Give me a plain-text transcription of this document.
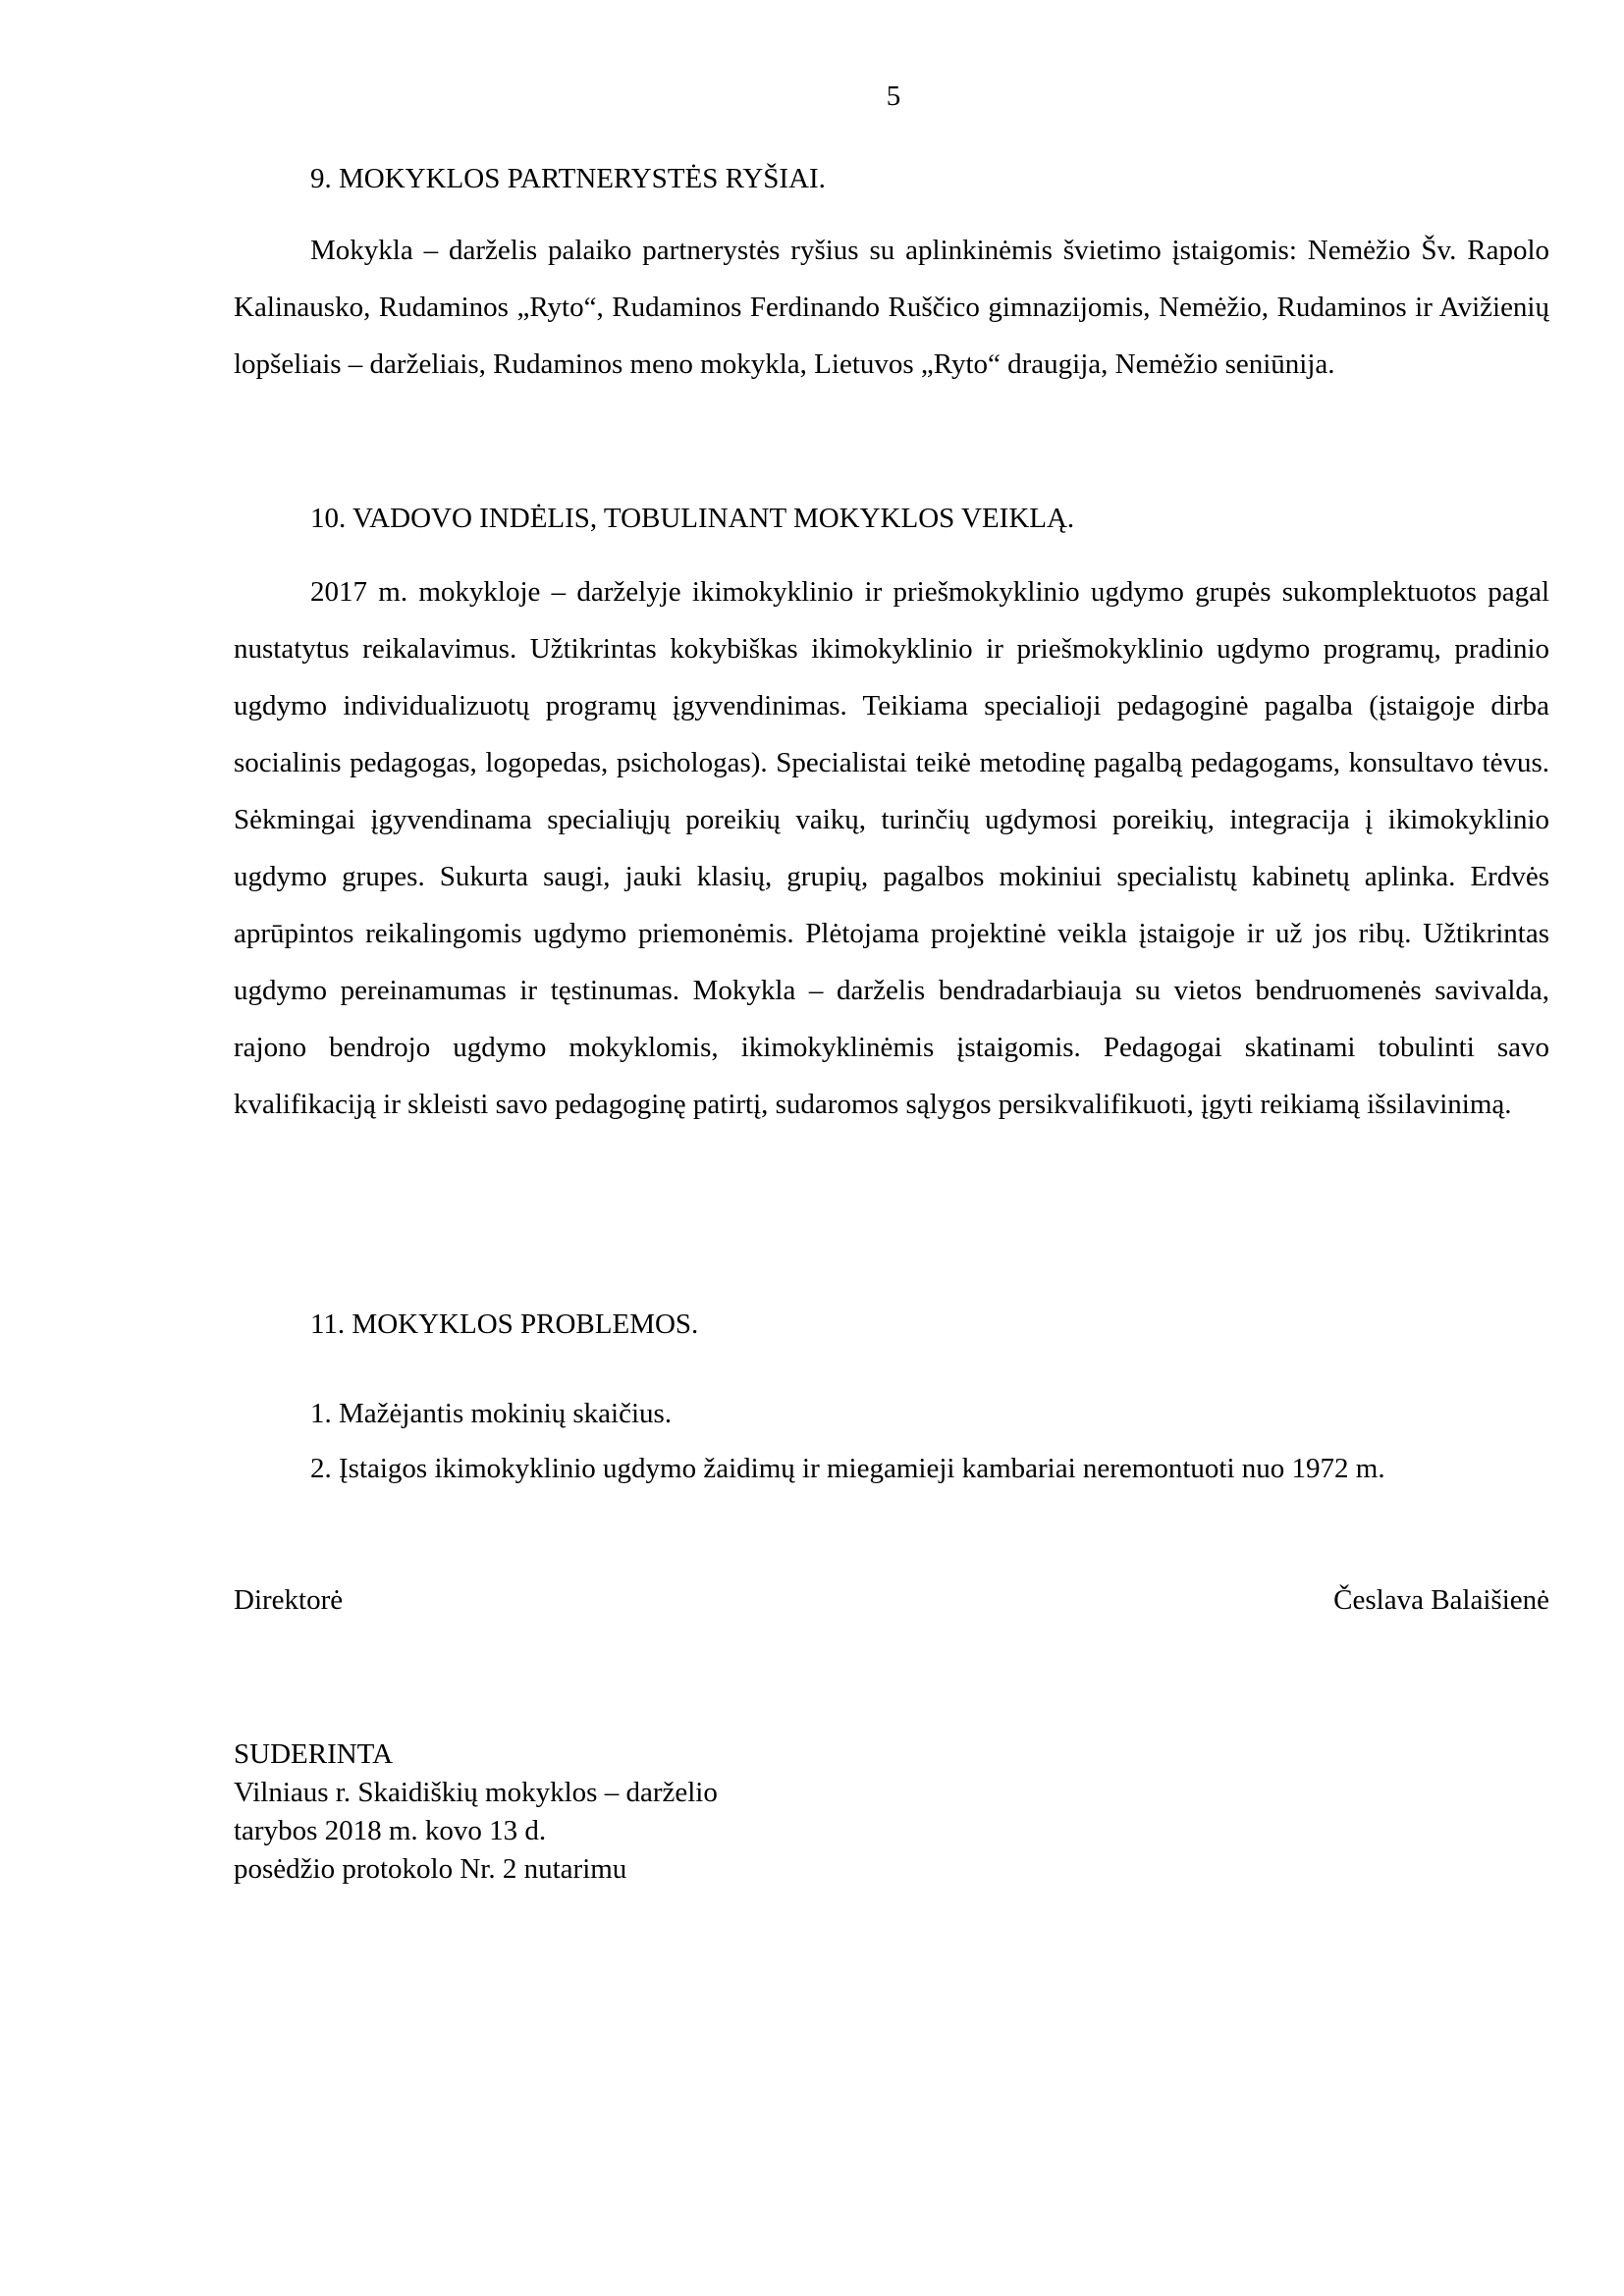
5
9. MOKYKLOS PARTNERYSTĖS RYŠIAI.

Mokykla – darželis palaiko partnerystės ryšius su aplinkinėmis švietimo įstaigomis: Nemėžio Šv. Rapolo Kalinausko, Rudaminos „Ryto“, Rudaminos Ferdinando Ruščico gimnazijomis, Nemėžio, Rudaminos ir Avižienių lopšeliais – darželiais, Rudaminos meno mokykla, Lietuvos „Ryto“ draugija, Nemėžio seniūnija.

10. VADOVO INDĖLIS, TOBULINANT MOKYKLOS VEIKLĄ.

2017 m. mokykloje – darželyje ikimokyklinio ir priešmokyklinio ugdymo grupės sukomplektuotos pagal nustatytus reikalavimus. Užtikrintas kokybiškas ikimokyklinio ir priešmokyklinio ugdymo programų, pradinio ugdymo individualizuotų programų įgyvendinimas. Teikiama specialioji pedagoginė pagalba (įstaigoje dirba socialinis pedagogas, logopedas, psichologas). Specialistai teikė metodinę pagalbą pedagogams, konsultavo tėvus. Sėkmingai įgyvendinama specialiųjų poreikių vaikų, turinčių ugdymosi poreikių, integracija į ikimokyklinio ugdymo grupes. Sukurta saugi, jauki klasių, grupių, pagalbos mokiniui specialistų kabinetų aplinka. Erdvės aprūpintos reikalingomis ugdymo priemonėmis. Plėtojama projektinė veikla įstaigoje ir už jos ribų. Užtikrintas ugdymo pereinamumas ir tęstinumas. Mokykla – darželis bendradarbiauja su vietos bendruomenės savivalda, rajono bendrojo ugdymo mokyklomis, ikimokyklinėmis įstaigomis. Pedagogai skatinami tobulinti savo kvalifikaciją ir skleisti savo pedagoginę patirtį, sudaromos sąlygos persikvalifikuoti, įgyti reikiamą išsilavinimą.

11. MOKYKLOS PROBLEMOS.
1. Mažėjantis mokinių skaičius.
2. Įstaigos ikimokyklinio ugdymo žaidimų ir miegamieji kambariai neremontuoti nuo 1972 m.
Direktorė	Česlava Balaišienė
SUDERINTA
Vilniaus r. Skaidiškių mokyklos – darželio
tarybos 2018 m. kovo 13 d.
posėdžio protokolo Nr. 2 nutarimu
